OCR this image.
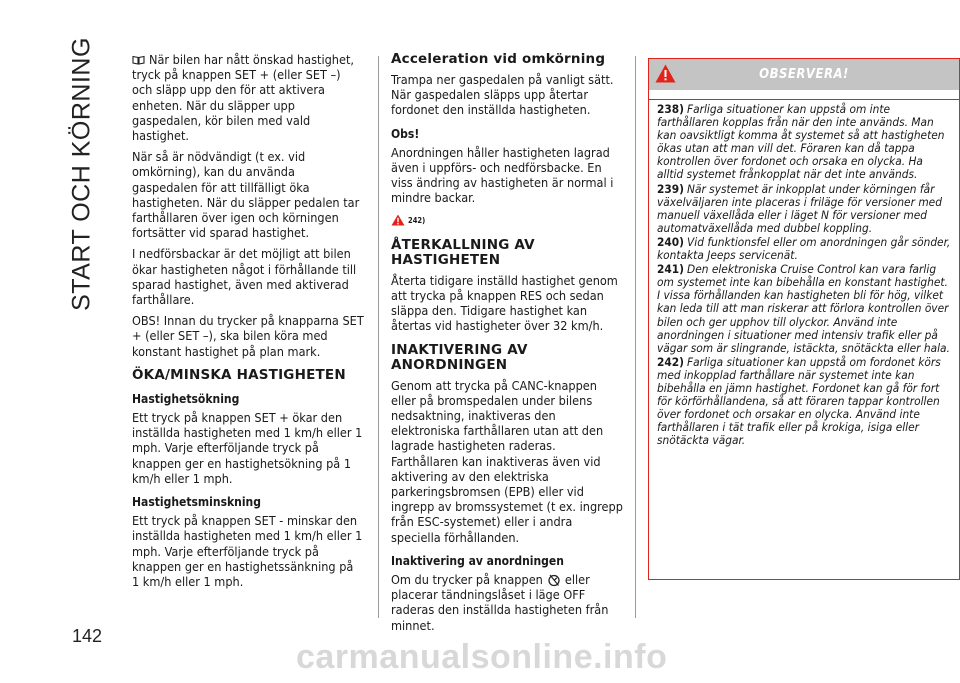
START OCH KÖRNING
142

När bilen har nått önskad hastighet, tryck på knappen SET + (eller SET –) och släpp upp den för att aktivera enheten. När du släpper upp gaspedalen, kör bilen med vald hastighet.

När så är nödvändigt (t ex. vid omkörning), kan du använda gaspedalen för att tillfälligt öka hastigheten. När du släpper pedalen tar farthållaren över igen och körningen fortsätter vid sparad hastighet.

I nedförsbackar är det möjligt att bilen ökar hastigheten något i förhållande till sparad hastighet, även med aktiverad farthållare.

OBS! Innan du trycker på knapparna SET + (eller SET –), ska bilen köra med konstant hastighet på plan mark.

ÖKA/MINSKA HASTIGHETEN
Hastighetsökning

Ett tryck på knappen SET + ökar den inställda hastigheten med 1 km/h eller 1 mph. Varje efterföljande tryck på knappen ger en hastighetsökning på 1 km/h eller 1 mph.

Hastighetsminskning

Ett tryck på knappen SET - minskar den inställda hastigheten med 1 km/h eller 1 mph. Varje efterföljande tryck på knappen ger en hastighetssänkning på 1 km/h eller 1 mph.

Acceleration vid omkörning

Trampa ner gaspedalen på vanligt sätt. När gaspedalen släpps upp återtar fordonet den inställda hastigheten.

Obs!

Anordningen håller hastigheten lagrad även i uppförs- och nedförsbacke. En viss ändring av hastigheten är normal i mindre backar.

$^{242)}$
ÅTERKALLNING AV HASTIGHETEN

Återta tidigare inställd hastighet genom att trycka på knappen RES och sedan släppa den. Tidigare hastighet kan återtas vid hastigheter över 32 km/h.

INAKTIVERING AV ANORDNINGEN

Genom att trycka på CANC-knappen eller på bromspedalen under bilens nedsaktning, inaktiveras den elektroniska farthållaren utan att den lagrade hastigheten raderas. Farthållaren kan inaktiveras även vid aktivering av den elektriska parkeringsbromsen (EPB) eller vid ingrepp av bromssystemet (t ex. ingrepp från ESC-systemet) eller i andra speciella förhållanden.

Inaktivering av anordningen

Om du trycker på knappen eller placerar tändningslåset i läge OFF raderas den inställda hastigheten från minnet.

OBSERVERA!
238) Farliga situationer kan uppstå om inte farthållaren kopplas från när den inte används. Man kan oavsiktligt komma åt systemet så att hastigheten ökas utan att man vill det. Föraren kan då tappa kontrollen över fordonet och orsaka en olycka. Ha alltid systemet frånkopplat när det inte används.
239) När systemet är inkopplat under körningen får växelväljaren inte placeras i friläge för versioner med manuell växellåda eller i läget N för versioner med automatväxellåda med dubbel koppling.
240) Vid funktionsfel eller om anordningen går sönder, kontakta Jeeps servicenät.
241) Den elektroniska Cruise Control kan vara farlig om systemet inte kan bibehålla en konstant hastighet. I vissa förhållanden kan hastigheten bli för hög, vilket kan leda till att man riskerar att förlora kontrollen över bilen och ger upphov till olyckor. Använd inte anordningen i situationer med intensiv trafik eller på vägar som är slingrande, istäckta, snötäckta eller hala.
242) Farliga situationer kan uppstå om fordonet körs med inkopplad farthållare när systemet inte kan bibehålla en jämn hastighet. Fordonet kan gå för fort för körförhållandena, så att föraren tappar kontrollen över fordonet och orsakar en olycka. Använd inte farthållaren i tät trafik eller på krokiga, isiga eller snötäckta vägar.
carmanualsonline.info
